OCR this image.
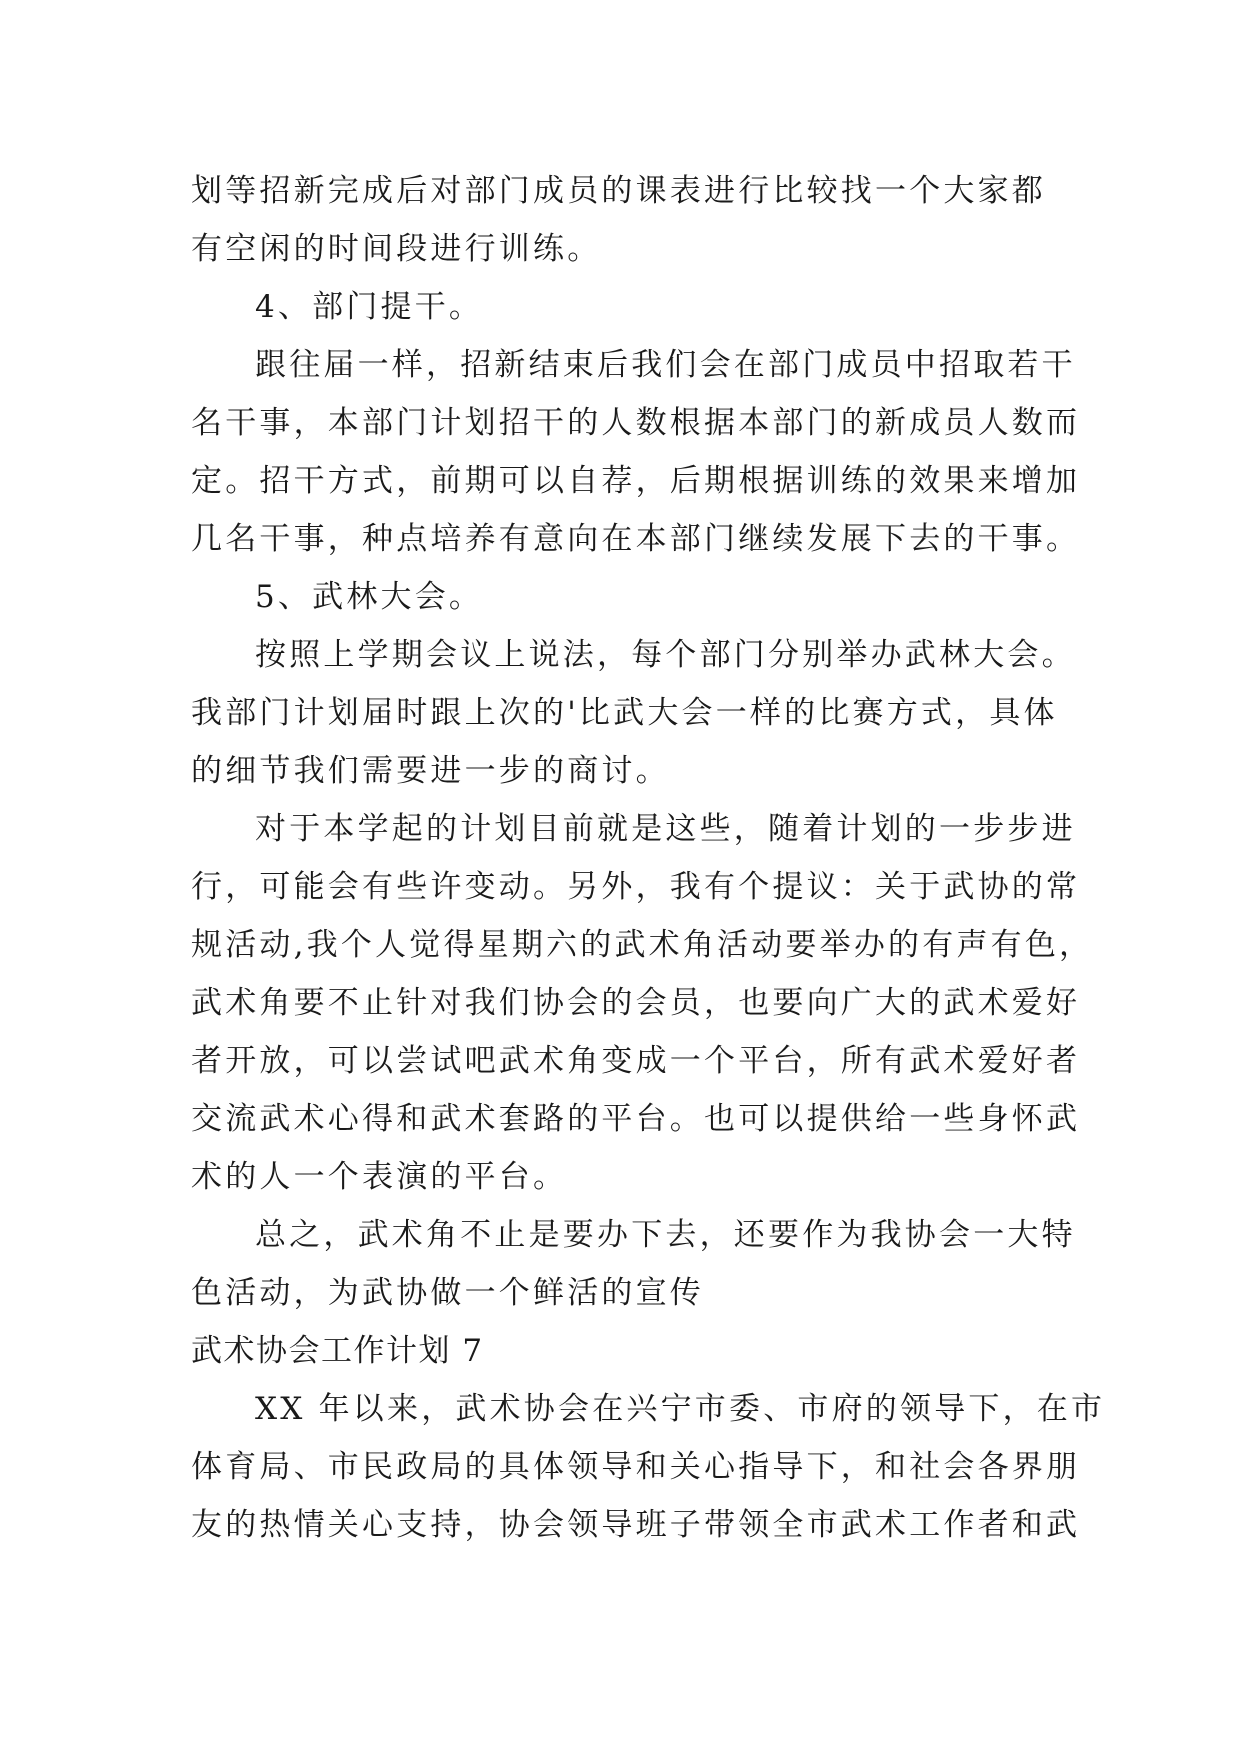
划等招新完成后对部门成员的课表进行比较找一个大家都
有空闲的时间段进行训练。
4、部门提干。
跟往届一样，招新结束后我们会在部门成员中招取若干
名干事，本部门计划招干的人数根据本部门的新成员人数而
定。招干方式，前期可以自荐，后期根据训练的效果来增加
几名干事，种点培养有意向在本部门继续发展下去的干事。
5、武林大会。
按照上学期会议上说法，每个部门分别举办武林大会。
我部门计划届时跟上次的'比武大会一样的比赛方式，具体
的细节我们需要进一步的商讨。
对于本学起的计划目前就是这些，随着计划的一步步进
行，可能会有些许变动。另外，我有个提议：关于武协的常
规活动,我个人觉得星期六的武术角活动要举办的有声有色，
武术角要不止针对我们协会的会员，也要向广大的武术爱好
者开放，可以尝试吧武术角变成一个平台，所有武术爱好者
交流武术心得和武术套路的平台。也可以提供给一些身怀武
术的人一个表演的平台。
总之，武术角不止是要办下去，还要作为我协会一大特
色活动，为武协做一个鲜活的宣传
武术协会工作计划 7
XX 年以来，武术协会在兴宁市委、市府的领导下，在市
体育局、市民政局的具体领导和关心指导下，和社会各界朋
友的热情关心支持，协会领导班子带领全市武术工作者和武
